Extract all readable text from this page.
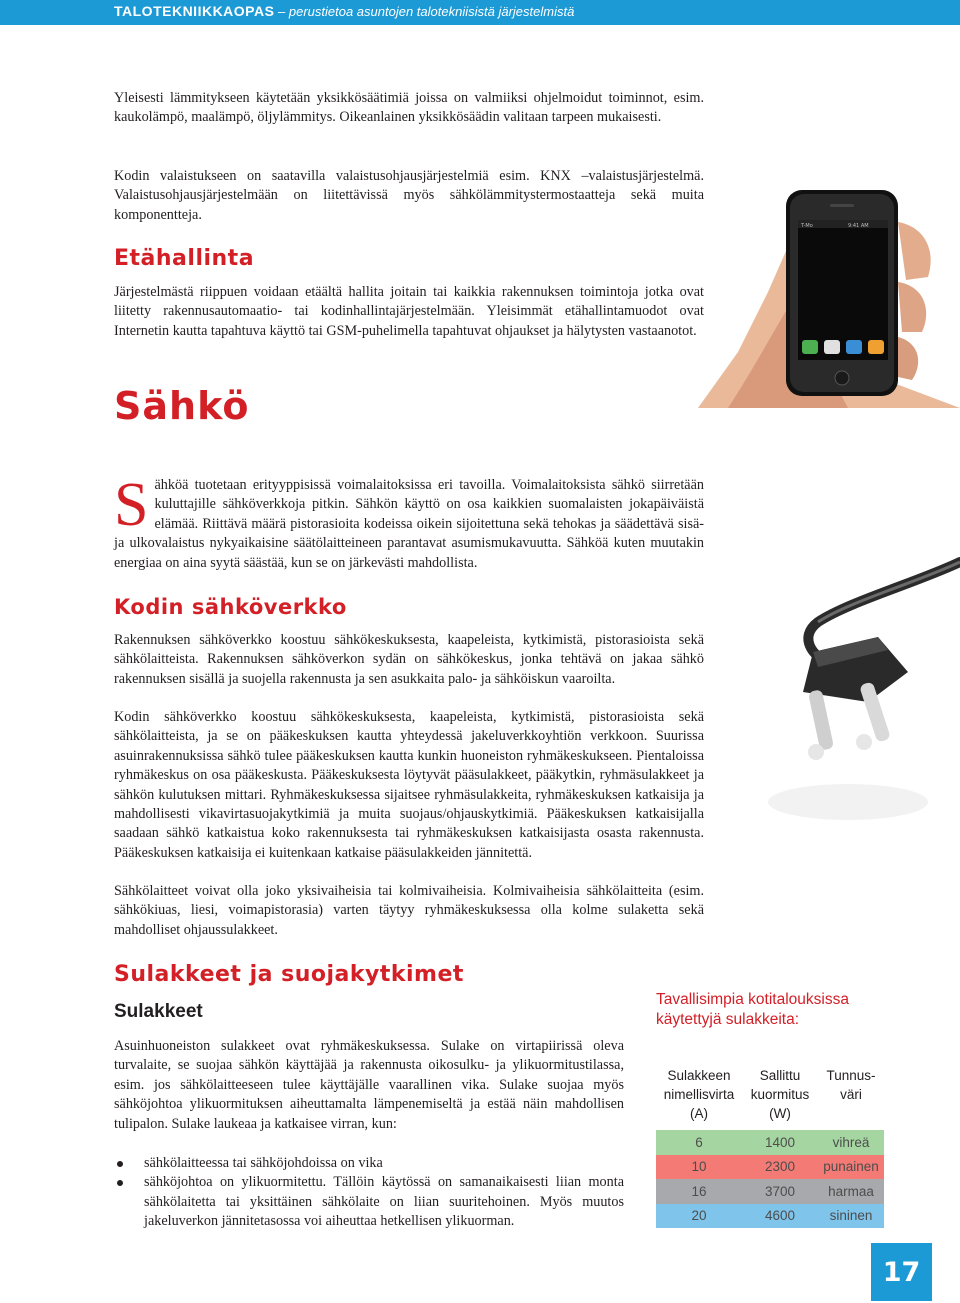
TALOTEKNIIKKAOPAS – perustietoa asuntojen talotekniisistä järjestelmistä

Yleisesti lämmitykseen käytetään yksikkösäätimiä joissa on valmiiksi ohjelmoidut toiminnot, esim. kaukolämpö, maalämpö, öljylämmitys. Oikeanlainen yksikkösäädin valitaan tarpeen mukaisesti.

Kodin valaistukseen on saatavilla valaistusohjausjärjestelmiä esim. KNX –valaistusjärjestelmä. Valaistusohjausjärjestelmään on liitettävissä myös sähkölämmitystermostaatteja sekä muita komponentteja.

Etähallinta

Järjestelmästä riippuen voidaan etäältä hallita joitain tai kaikkia rakennuksen toimintoja jotka ovat liitetty rakennusautomaatio- tai kodinhallintajärjestelmään. Yleisimmät etähallintamuodot ovat Internetin kautta tapahtuva käyttö tai GSM-puhelimella tapahtuvat ohjaukset ja hälytysten vastaanotot.

T-Mo	9:41 AM
Sähkö

Sähköä tuotetaan erityyppisissä voimalaitoksissa eri tavoilla. Voimalaitoksista sähkö siirretään kuluttajille sähköverkkoja pitkin. Sähkön käyttö on osa kaikkien suomalaisten jokapäiväistä elämää. Riittävä määrä pistorasioita kodeissa oikein sijoitettuna sekä tehokas ja säädettävä sisä- ja ulkovalaistus nykyaikaisine säätölaitteineen parantavat asumismukavuutta. Sähköä kuten muutakin energiaa on aina syytä säästää, kun se on järkevästi mahdollista.

Kodin sähköverkko

Rakennuksen sähköverkko koostuu sähkökeskuksesta, kaapeleista, kytkimistä, pistorasioista sekä sähkölaitteista. Rakennuksen sähköverkon sydän on sähkökeskus, jonka tehtävä on jakaa sähkö rakennuksen sisällä ja suojella rakennusta ja sen asukkaita palo- ja sähköiskun vaaroilta.

Kodin sähköverkko koostuu sähkökeskuksesta, kaapeleista, kytkimistä, pistorasioista sekä sähkölaitteista, ja se on pääkeskuksen kautta yhteydessä jakeluverkkoyhtiön verkkoon. Suurissa asuinrakennuksissa sähkö tulee pääkeskuksen kautta kunkin huoneiston ryhmäkeskukseen. Pientaloissa ryhmäkeskus on osa pääkeskusta. Pääkeskuksesta löytyvät pääsulakkeet, pääkytkin, ryhmäsulakkeet ja sähkön kulutuksen mittari. Ryhmäkeskuksessa sijaitsee ryhmäsulakkeita, ryhmäkeskuksen katkaisija ja mahdollisesti vikavirtasuojakytkimiä ja muita suojaus/ohjauskytkimiä. Pääkeskuksen katkaisijalla saadaan sähkö katkaistua koko rakennuksesta tai ryhmäkeskuksen katkaisijasta osasta rakennusta. Pääkeskuksen katkaisija ei kuitenkaan katkaise pääsulakkeiden jännitettä.

Sähkölaitteet voivat olla joko yksivaiheisia tai kolmivaiheisia. Kolmivaiheisia sähkölaitteita (esim. sähkökiuas, liesi, voimapistorasia) varten täytyy ryhmäkeskuksessa olla kolme sulaketta sekä mahdolliset ohjaussulakkeet.

Sulakkeet ja suojakytkimet
Sulakkeet

Asuinhuoneiston sulakkeet ovat ryhmäkeskuksessa. Sulake on virtapiirissä oleva turvalaite, se suojaa sähkön käyttäjää ja rakennusta oikosulku- ja ylikuormitustilassa, esim. jos sähkölaitteeseen tulee käyttäjälle vaarallinen vika. Sulake suojaa myös sähköjohtoa ylikuormituksen aiheuttamalta lämpenemiseltä ja estää näin mahdollisen tulipalon. Sulake laukeaa ja katkaisee virran, kun:

sähkölaitteessa tai sähköjohdoissa on vika
sähköjohtoa on ylikuormitettu. Tällöin käytössä on samanaikaisesti liian monta sähkölaitetta tai yksittäinen sähkölaite on liian suuritehoinen. Myös muutos jakeluverkon jännitetasossa voi aiheuttaa hetkellisen ylikuorman.

Tavallisimpia kotitalouksissa käytettyjä sulakkeita:

Sulakkeen nimellisvirta (A)	Sallittu kuormitus (W)	Tunnus-väri
6	1400	vihreä
10	2300	punainen
16	3700	harmaa
20	4600	sininen
17
